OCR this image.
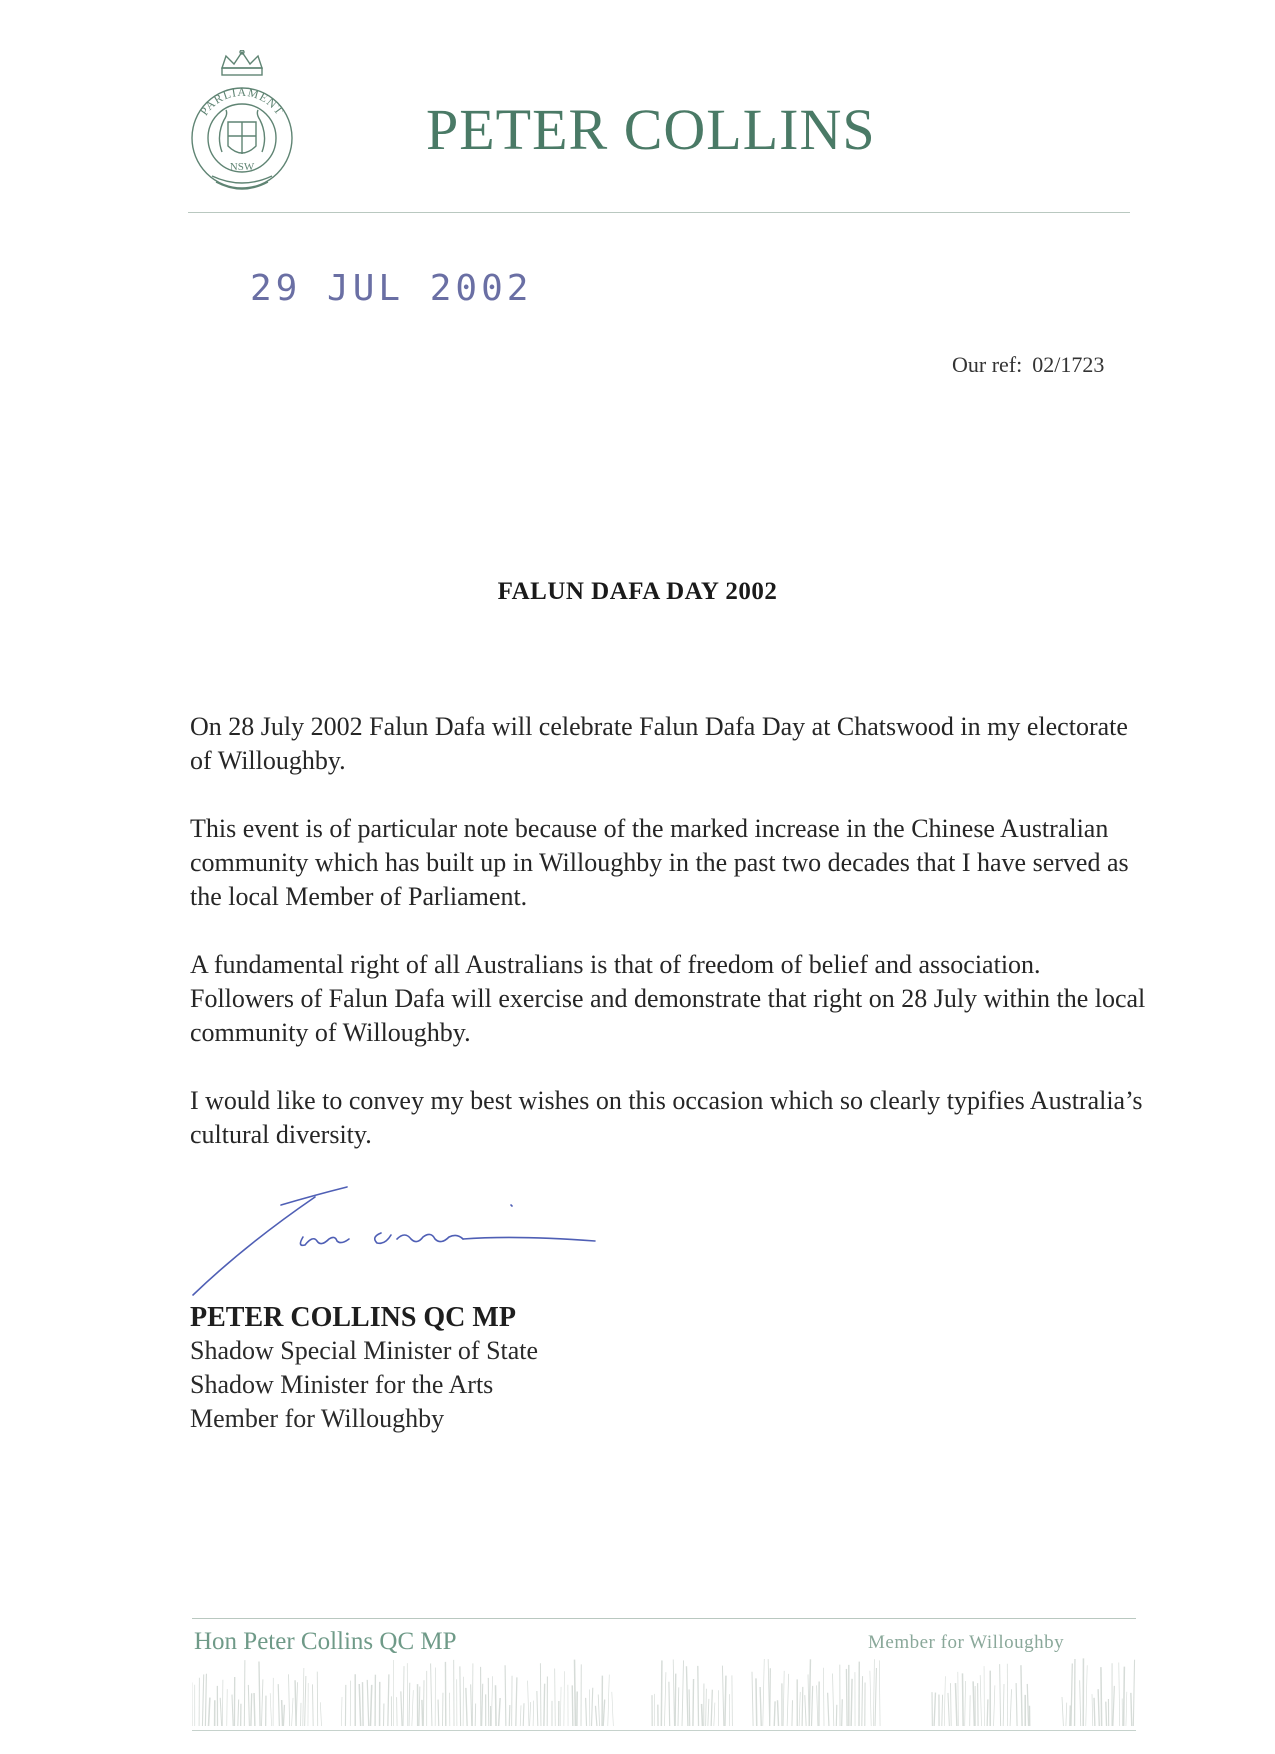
NSW
PARLIAMENT PETER COLLINS
29 JUL 2002
Our ref: 02/1723
FALUN DAFA DAY 2002
On 28 July 2002 Falun Dafa will celebrate Falun Dafa Day at Chatswood in my electorate of Willoughby.
This event is of particular note because of the marked increase in the Chinese Australian community which has built up in Willoughby in the past two decades that I have served as the local Member of Parliament.
A fundamental right of all Australians is that of freedom of belief and association. Followers of Falun Dafa will exercise and demonstrate that right on 28 July within the local community of Willoughby.
I would like to convey my best wishes on this occasion which so clearly typifies Australia’s cultural diversity.
PETER COLLINS QC MP
Shadow Special Minister of State
Shadow Minister for the Arts
Member for Willoughby
Hon Peter Collins QC MP	Member for Willoughby
